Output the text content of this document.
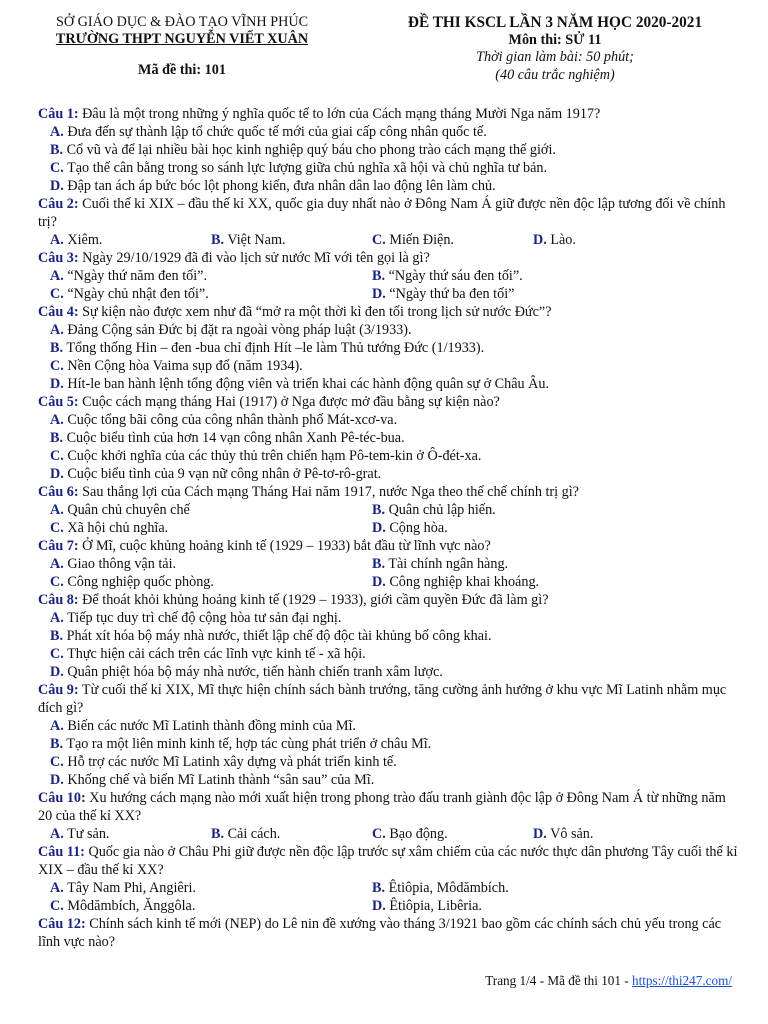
SỞ GIÁO DỤC & ĐÀO TẠO VĨNH PHÚC
TRƯỜNG THPT NGUYỄN VIẾT XUÂN
Mã đề thi: 101
ĐỀ THI KSCL LẦN 3 NĂM HỌC 2020-2021
Môn thi: SỬ 11
Thời gian làm bài: 50 phút;
(40 câu trắc nghiệm)
Câu 1: Đâu là một trong những ý nghĩa quốc tế to lớn của Cách mạng tháng Mười Nga năm 1917?
A. Đưa đến sự thành lập tổ chức quốc tế mới của giai cấp công nhân quốc tế.
B. Cổ vũ và để lại nhiều bài học kinh nghiệp quý báu cho phong trào cách mạng thế giới.
C. Tạo thế cân bằng trong so sánh lực lượng giữa chủ nghĩa xã hội và chủ nghĩa tư bản.
D. Đập tan ách áp bức bóc lột phong kiến, đưa nhân dân lao động lên làm chủ.
Câu 2: Cuối thế kỉ XIX – đầu thế kỉ XX, quốc gia duy nhất nào ở Đông Nam Á giữ được nền độc lập tương đối về chính trị?
A. Xiêm.	B. Việt Nam.	C. Miến Điện.	D. Lào.
Câu 3: Ngày 29/10/1929 đã đi vào lịch sử nước Mĩ với tên gọi là gì?
A. “Ngày thứ năm đen tối”.	B. “Ngày thứ sáu đen tối”.
C. “Ngày chủ nhật đen tối”.	D. “Ngày thứ ba đen tối”
Câu 4: Sự kiện nào được xem như đã “mở ra một thời kì đen tối trong lịch sử nước Đức”?
A. Đảng Cộng sản Đức bị đặt ra ngoài vòng pháp luật (3/1933).
B. Tổng thống Hin – đen -bua chỉ định Hít –le làm Thủ tướng Đức (1/1933).
C. Nền Cộng hòa Vaima sụp đổ (năm 1934).
D. Hít-le ban hành lệnh tổng động viên và triển khai các hành động quân sự ở Châu Âu.
Câu 5: Cuộc cách mạng tháng Hai (1917) ở Nga được mở đầu bằng sự kiện nào?
A. Cuộc tổng bãi công của công nhân thành phố Mát-xcơ-va.
B. Cuộc biểu tình của hơn 14 vạn công nhân Xanh Pê-téc-bua.
C. Cuộc khởi nghĩa của các thủy thủ trên chiến hạm Pô-tem-kin ở Ô-đét-xa.
D. Cuộc biểu tình của 9 vạn nữ công nhân ở Pê-tơ-rô-grat.
Câu 6: Sau thắng lợi của Cách mạng Tháng Hai năm 1917, nước Nga theo thể chế chính trị gì?
A. Quân chủ chuyên chế	B. Quân chủ lập hiến.
C. Xã hội chủ nghĩa.	D. Cộng hòa.
Câu 7: Ở Mĩ, cuộc khủng hoảng kinh tế (1929 – 1933) bắt đầu từ lĩnh vực nào?
A. Giao thông vận tải.	B. Tài chính ngân hàng.
C. Công nghiệp quốc phòng.	D. Công nghiệp khai khoáng.
Câu 8: Để thoát khỏi khủng hoảng kinh tế (1929 – 1933), giới cầm quyền Đức đã làm gì?
A. Tiếp tục duy trì chế độ cộng hòa tư sản đại nghị.
B. Phát xít hóa bộ máy nhà nước, thiết lập chế độ độc tài khủng bố công khai.
C. Thực hiện cải cách trên các lĩnh vực kinh tế - xã hội.
D. Quân phiệt hóa bộ máy nhà nước, tiến hành chiến tranh xâm lược.
Câu 9: Từ cuối thế kỉ XIX, Mĩ thực hiện chính sách bành trướng, tăng cường ảnh hưởng ở khu vực Mĩ Latinh nhằm mục đích gì?
A. Biến các nước Mĩ Latinh thành đồng minh của Mĩ.
B. Tạo ra một liên minh kinh tế, hợp tác cùng phát triển ở châu Mĩ.
C. Hỗ trợ các nước Mĩ Latinh xây dựng và phát triển kinh tế.
D. Khống chế và biến Mĩ Latinh thành “sân sau” của Mĩ.
Câu 10: Xu hướng cách mạng nào mới xuất hiện trong phong trào đấu tranh giành độc lập ở Đông Nam Á từ những năm 20 của thế kỉ XX?
A. Tư sản.	B. Cải cách.	C. Bạo động.	D. Vô sản.
Câu 11: Quốc gia nào ở Châu Phi giữ được nền độc lập trước sự xâm chiếm của các nước thực dân phương Tây cuối thế kỉ XIX – đầu thế kỉ XX?
A. Tây Nam Phi, Angiêri.	B. Êtiôpia, Môdămbích.
C. Môdămbích, Ănggôla.	D. Êtiôpia, Libêria.
Câu 12: Chính sách kinh tế mới (NEP) do Lê nin đề xướng vào tháng 3/1921 bao gồm các chính sách chủ yếu trong các lĩnh vực nào?
Trang 1/4 - Mã đề thi 101 - https://thi247.com/
